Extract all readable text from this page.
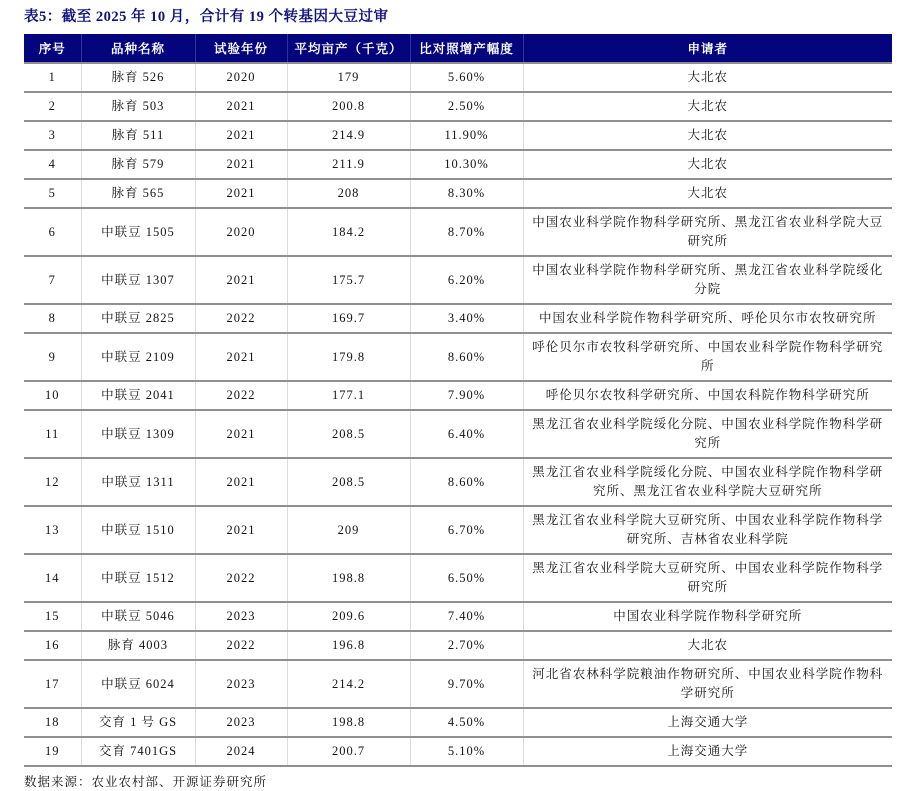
表5：截至 2025 年 10 月，合计有 19 个转基因大豆过审
序号	品种名称	试验年份	平均亩产（千克）	比对照增产幅度	申请者
1	脉育 526	2020	179	5.60%	大北农
2	脉育 503	2021	200.8	2.50%	大北农
3	脉育 511	2021	214.9	11.90%	大北农
4	脉育 579	2021	211.9	10.30%	大北农
5	脉育 565	2021	208	8.30%	大北农
6	中联豆 1505	2020	184.2	8.70%	中国农业科学院作物科学研究所、黑龙江省农业科学院大豆研究所
7	中联豆 1307	2021	175.7	6.20%	中国农业科学院作物科学研究所、黑龙江省农业科学院绥化分院
8	中联豆 2825	2022	169.7	3.40%	中国农业科学院作物科学研究所、呼伦贝尔市农牧研究所
9	中联豆 2109	2021	179.8	8.60%	呼伦贝尔市农牧科学研究所、中国农业科学院作物科学研究所
10	中联豆 2041	2022	177.1	7.90%	呼伦贝尔农牧科学研究所、中国农科院作物科学研究所
11	中联豆 1309	2021	208.5	6.40%	黑龙江省农业科学院绥化分院、中国农业科学院作物科学研究所
12	中联豆 1311	2021	208.5	8.60%	黑龙江省农业科学院绥化分院、中国农业科学院作物科学研究所、黑龙江省农业科学院大豆研究所
13	中联豆 1510	2021	209	6.70%	黑龙江省农业科学院大豆研究所、中国农业科学院作物科学研究所、吉林省农业科学院
14	中联豆 1512	2022	198.8	6.50%	黑龙江省农业科学院大豆研究所、中国农业科学院作物科学研究所
15	中联豆 5046	2023	209.6	7.40%	中国农业科学院作物科学研究所
16	脉育 4003	2022	196.8	2.70%	大北农
17	中联豆 6024	2023	214.2	9.70%	河北省农林科学院粮油作物研究所、中国农业科学院作物科学研究所
18	交育 1 号 GS	2023	198.8	4.50%	上海交通大学
19	交育 7401GS	2024	200.7	5.10%	上海交通大学
数据来源：农业农村部、开源证券研究所
